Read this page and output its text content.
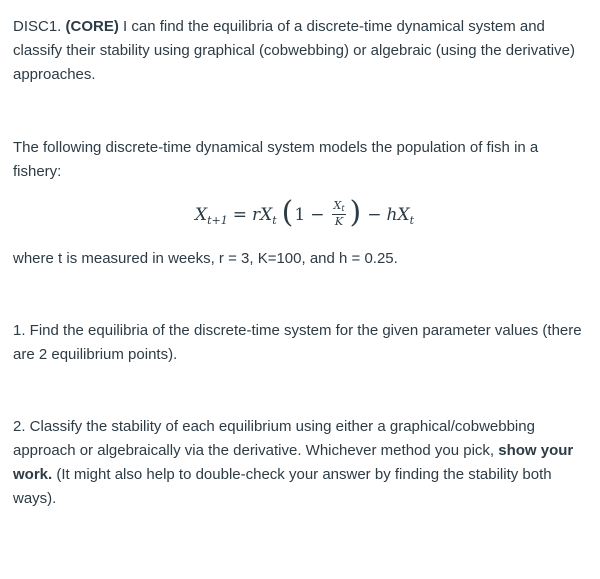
DISC1. (CORE) I can find the equilibria of a discrete-time dynamical system and classify their stability using graphical (cobwebbing) or algebraic (using the derivative) approaches.

The following discrete-time dynamical system models the population of fish in a fishery:

X t+1 = r X t ( $1 - \frac{Xt}{K}$ ) − h X t

where t is measured in weeks, r = 3, K=100, and h = 0.25.

1. Find the equilibria of the discrete-time system for the given parameter values (there are 2 equilibrium points).

2. Classify the stability of each equilibrium using either a graphical/cobwebbing approach or algebraically via the derivative. Whichever method you pick, show your work. (It might also help to double-check your answer by finding the stability both ways).
